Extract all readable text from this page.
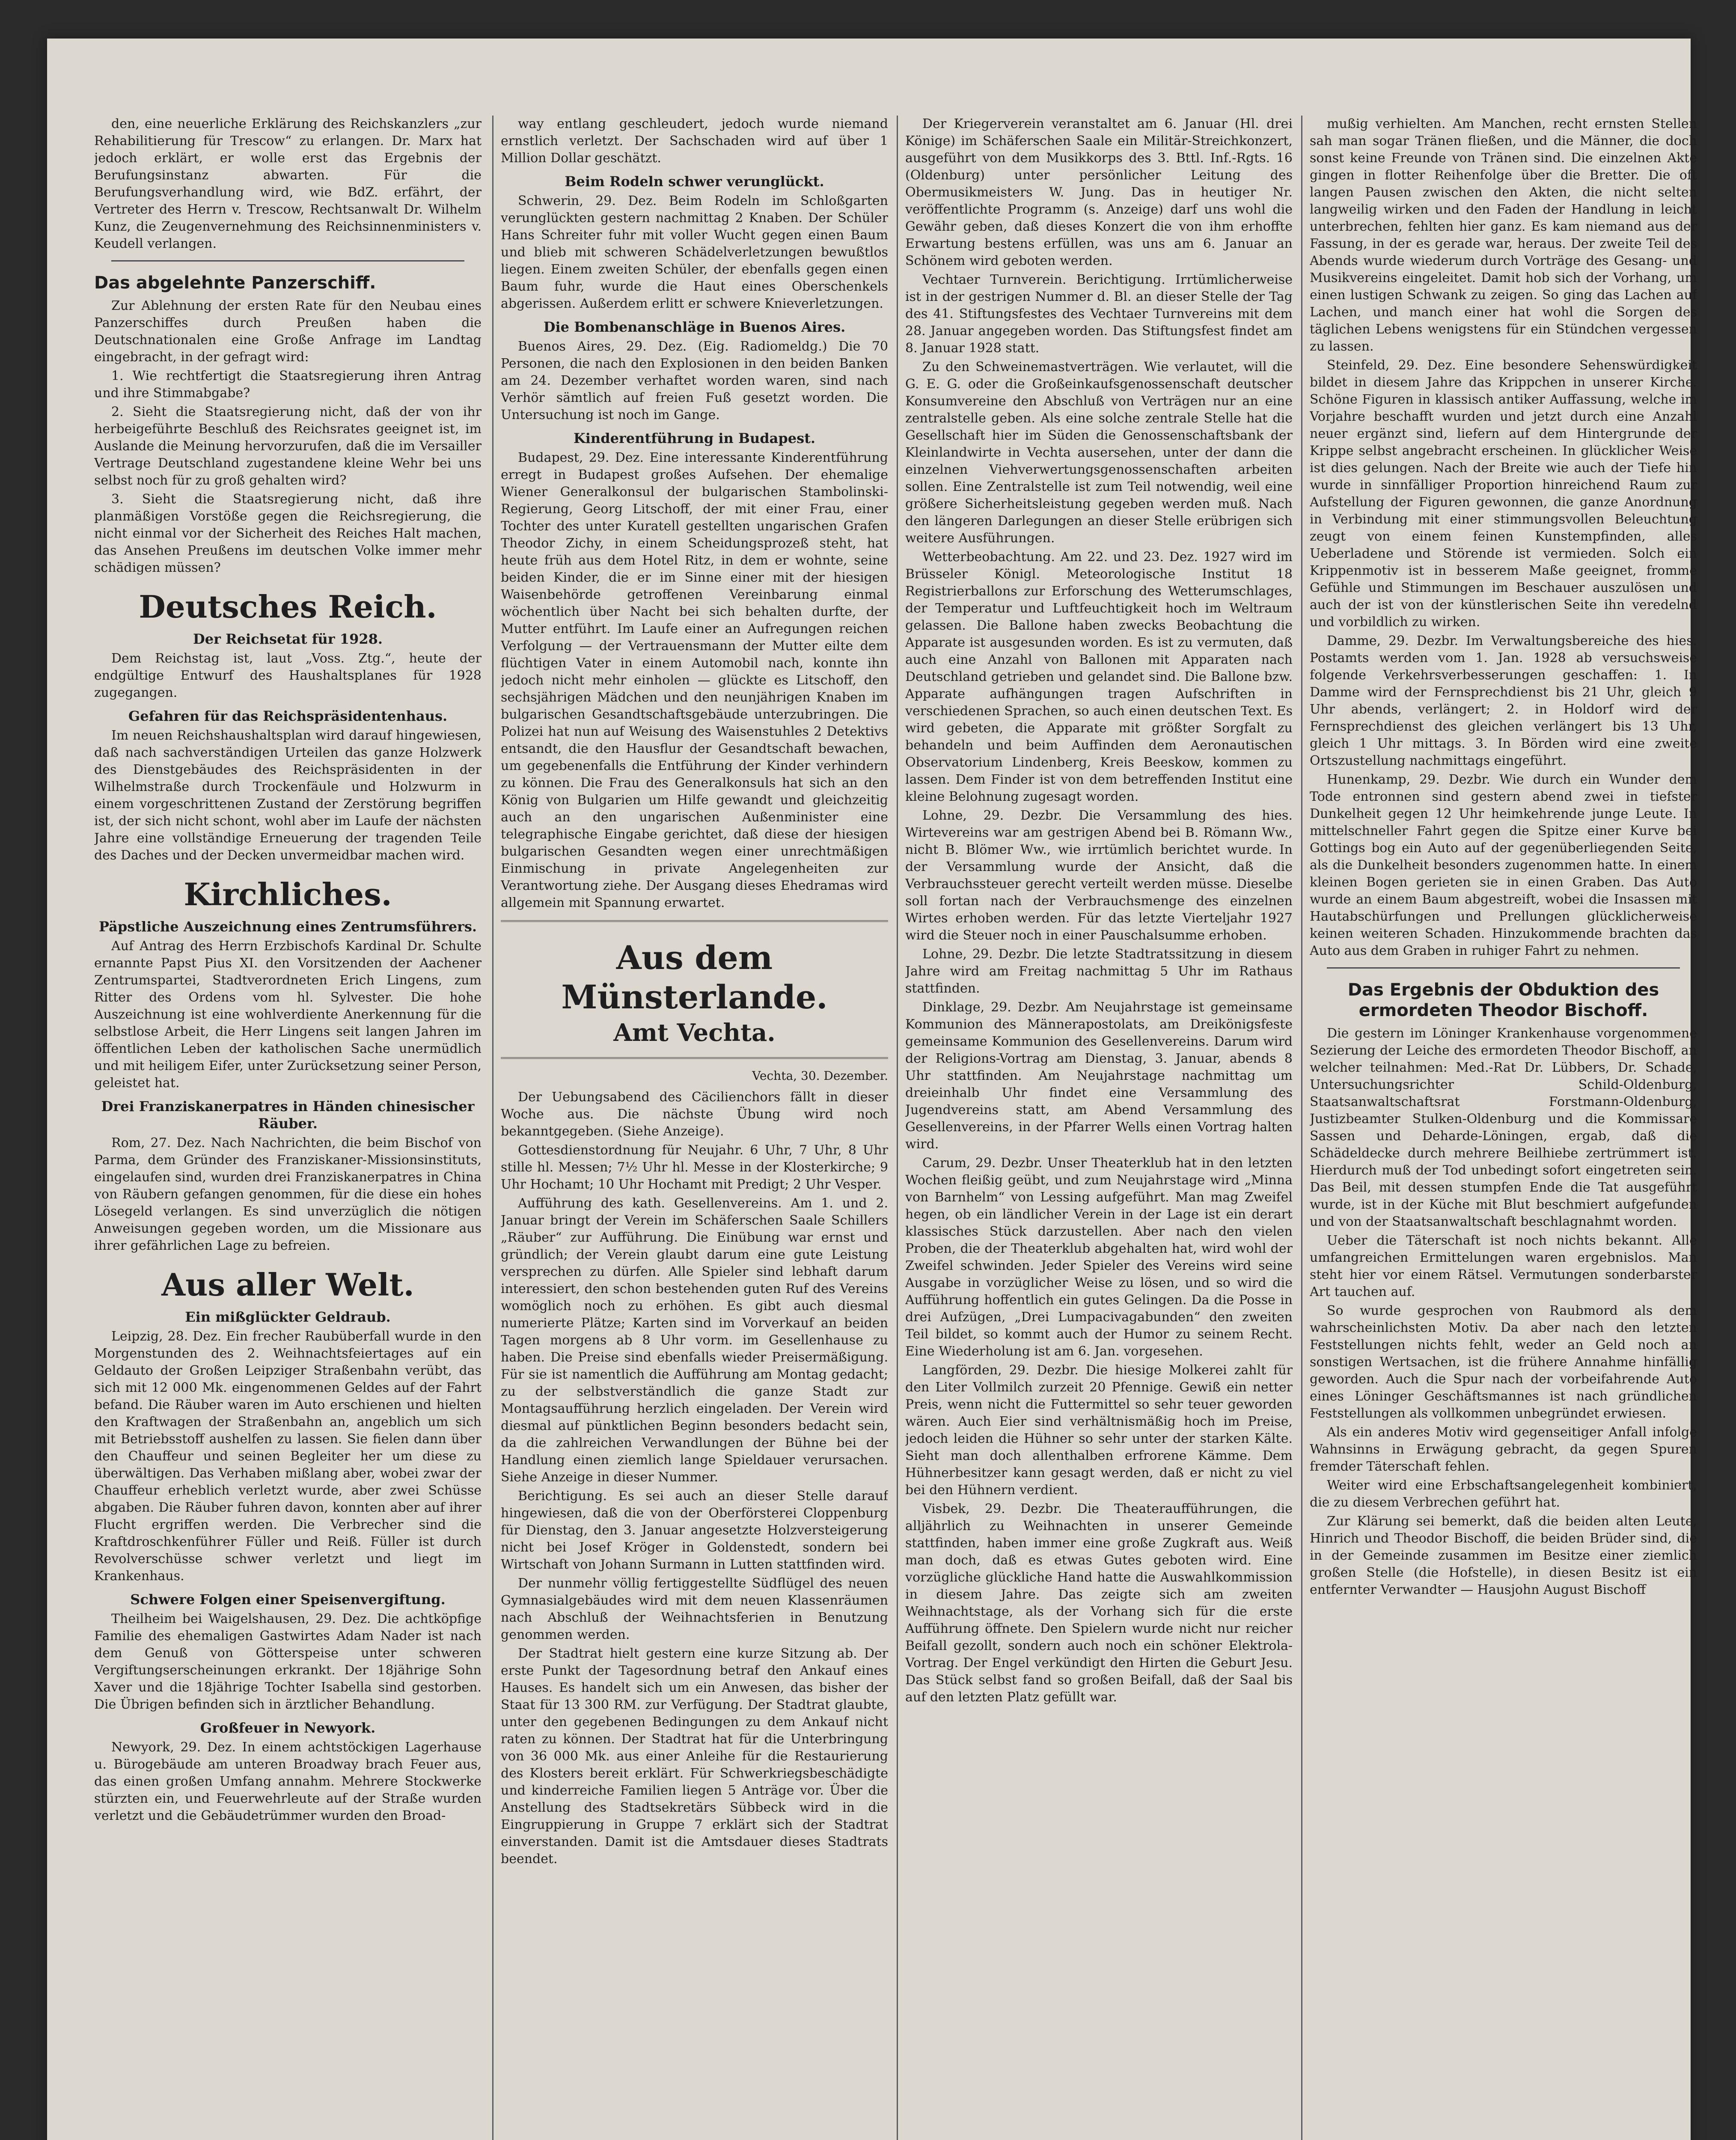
den, eine neuerliche Erklärung des Reichskanzlers „zur Rehabilitierung für Trescow“ zu erlangen. Dr. Marx hat jedoch erklärt, er wolle erst das Ergebnis der Berufungsinstanz abwarten. Für die Berufungsverhandlung wird, wie BdZ. erfährt, der Vertreter des Herrn v. Trescow, Rechtsanwalt Dr. Wilhelm Kunz, die Zeugenvernehmung des Reichsinnenministers v. Keudell verlangen.

Das abgelehnte Panzerschiff.

Zur Ablehnung der ersten Rate für den Neubau eines Panzerschiffes durch Preußen haben die Deutschnationalen eine Große Anfrage im Landtag eingebracht, in der gefragt wird:

1. Wie rechtfertigt die Staatsregierung ihren Antrag und ihre Stimmabgabe?

2. Sieht die Staatsregierung nicht, daß der von ihr herbeigeführte Beschluß des Reichsrates geeignet ist, im Auslande die Meinung hervorzurufen, daß die im Versailler Vertrage Deutschland zugestandene kleine Wehr bei uns selbst noch für zu groß gehalten wird?

3. Sieht die Staatsregierung nicht, daß ihre planmäßigen Vorstöße gegen die Reichsregierung, die nicht einmal vor der Sicherheit des Reiches Halt machen, das Ansehen Preußens im deutschen Volke immer mehr schädigen müssen?

Deutsches Reich.
Der Reichsetat für 1928.

Dem Reichstag ist, laut „Voss. Ztg.“, heute der endgültige Entwurf des Haushaltsplanes für 1928 zugegangen.

Gefahren für das Reichspräsidentenhaus.

Im neuen Reichshaushaltsplan wird darauf hingewiesen, daß nach sachverständigen Urteilen das ganze Holzwerk des Dienstgebäudes des Reichspräsidenten in der Wilhelmstraße durch Trockenfäule und Holzwurm in einem vorgeschrittenen Zustand der Zerstörung begriffen ist, der sich nicht schont, wohl aber im Laufe der nächsten Jahre eine vollständige Erneuerung der tragenden Teile des Daches und der Decken unvermeidbar machen wird.

Kirchliches.
Päpstliche Auszeichnung eines Zentrumsführers.

Auf Antrag des Herrn Erzbischofs Kardinal Dr. Schulte ernannte Papst Pius XI. den Vorsitzenden der Aachener Zentrumspartei, Stadtverordneten Erich Lingens, zum Ritter des Ordens vom hl. Sylvester. Die hohe Auszeichnung ist eine wohlverdiente Anerkennung für die selbstlose Arbeit, die Herr Lingens seit langen Jahren im öffentlichen Leben der katholischen Sache unermüdlich und mit heiligem Eifer, unter Zurücksetzung seiner Person, geleistet hat.

Drei Franziskanerpatres in Händen chinesischer Räuber.

Rom, 27. Dez. Nach Nachrichten, die beim Bischof von Parma, dem Gründer des Franziskaner-Missionsinstituts, eingelaufen sind, wurden drei Franziskanerpatres in China von Räubern gefangen genommen, für die diese ein hohes Lösegeld verlangen. Es sind unverzüglich die nötigen Anweisungen gegeben worden, um die Missionare aus ihrer gefährlichen Lage zu befreien.

Aus aller Welt.
Ein mißglückter Geldraub.

Leipzig, 28. Dez. Ein frecher Raubüberfall wurde in den Morgenstunden des 2. Weihnachtsfeiertages auf ein Geldauto der Großen Leipziger Straßenbahn verübt, das sich mit 12 000 Mk. eingenommenen Geldes auf der Fahrt befand. Die Räuber waren im Auto erschienen und hielten den Kraftwagen der Straßenbahn an, angeblich um sich mit Betriebsstoff aushelfen zu lassen. Sie fielen dann über den Chauffeur und seinen Begleiter her um diese zu überwältigen. Das Verhaben mißlang aber, wobei zwar der Chauffeur erheblich verletzt wurde, aber zwei Schüsse abgaben. Die Räuber fuhren davon, konnten aber auf ihrer Flucht ergriffen werden. Die Verbrecher sind die Kraftdroschkenführer Füller und Reiß. Füller ist durch Revolverschüsse schwer verletzt und liegt im Krankenhaus.

Schwere Folgen einer Speisenvergiftung.

Theilheim bei Waigelshausen, 29. Dez. Die achtköpfige Familie des ehemaligen Gastwirtes Adam Nader ist nach dem Genuß von Götterspeise unter schweren Vergiftungserscheinungen erkrankt. Der 18jährige Sohn Xaver und die 18jährige Tochter Isabella sind gestorben. Die Übrigen befinden sich in ärztlicher Behandlung.

Großfeuer in Newyork.

Newyork, 29. Dez. In einem achtstöckigen Lagerhause u. Bürogebäude am unteren Broadway brach Feuer aus, das einen großen Umfang annahm. Mehrere Stockwerke stürzten ein, und Feuerwehrleute auf der Straße wurden verletzt und die Gebäudetrümmer wurden den Broad-

way entlang geschleudert, jedoch wurde niemand ernstlich verletzt. Der Sachschaden wird auf über 1 Million Dollar geschätzt.

Beim Rodeln schwer verunglückt.

Schwerin, 29. Dez. Beim Rodeln im Schloßgarten verunglückten gestern nachmittag 2 Knaben. Der Schüler Hans Schreiter fuhr mit voller Wucht gegen einen Baum und blieb mit schweren Schädelverletzungen bewußtlos liegen. Einem zweiten Schüler, der ebenfalls gegen einen Baum fuhr, wurde die Haut eines Oberschenkels abgerissen. Außerdem erlitt er schwere Knieverletzungen.

Die Bombenanschläge in Buenos Aires.

Buenos Aires, 29. Dez. (Eig. Radiomeldg.) Die 70 Personen, die nach den Explosionen in den beiden Banken am 24. Dezember verhaftet worden waren, sind nach Verhör sämtlich auf freien Fuß gesetzt worden. Die Untersuchung ist noch im Gange.

Kinderentführung in Budapest.

Budapest, 29. Dez. Eine interessante Kinderentführung erregt in Budapest großes Aufsehen. Der ehemalige Wiener Generalkonsul der bulgarischen Stambolinski-Regierung, Georg Litschoff, der mit einer Frau, einer Tochter des unter Kuratell gestellten ungarischen Grafen Theodor Zichy, in einem Scheidungsprozeß steht, hat heute früh aus dem Hotel Ritz, in dem er wohnte, seine beiden Kinder, die er im Sinne einer mit der hiesigen Waisenbehörde getroffenen Vereinbarung einmal wöchentlich über Nacht bei sich behalten durfte, der Mutter entführt. Im Laufe einer an Aufregungen reichen Verfolgung — der Vertrauensmann der Mutter eilte dem flüchtigen Vater in einem Automobil nach, konnte ihn jedoch nicht mehr einholen — glückte es Litschoff, den sechsjährigen Mädchen und den neunjährigen Knaben im bulgarischen Gesandtschaftsgebäude unterzubringen. Die Polizei hat nun auf Weisung des Waisenstuhles 2 Detektivs entsandt, die den Hausflur der Gesandtschaft bewachen, um gegebenenfalls die Entführung der Kinder verhindern zu können. Die Frau des Generalkonsuls hat sich an den König von Bulgarien um Hilfe gewandt und gleichzeitig auch an den ungarischen Außenminister eine telegraphische Eingabe gerichtet, daß diese der hiesigen bulgarischen Gesandten wegen einer unrechtmäßigen Einmischung in private Angelegenheiten zur Verantwortung ziehe. Der Ausgang dieses Ehedramas wird allgemein mit Spannung erwartet.

Aus dem Münsterlande.
Amt Vechta.
Vechta, 30. Dezember.

Der Uebungsabend des Cäcilienchors fällt in dieser Woche aus. Die nächste Übung wird noch bekanntgegeben. (Siehe Anzeige).

Gottesdienstordnung für Neujahr. 6 Uhr, 7 Uhr, 8 Uhr stille hl. Messen; 7½ Uhr hl. Messe in der Klosterkirche; 9 Uhr Hochamt; 10 Uhr Hochamt mit Predigt; 2 Uhr Vesper.

Aufführung des kath. Gesellenvereins. Am 1. und 2. Januar bringt der Verein im Schäferschen Saale Schillers „Räuber“ zur Aufführung. Die Einübung war ernst und gründlich; der Verein glaubt darum eine gute Leistung versprechen zu dürfen. Alle Spieler sind lebhaft darum interessiert, den schon bestehenden guten Ruf des Vereins womöglich noch zu erhöhen. Es gibt auch diesmal numerierte Plätze; Karten sind im Vorverkauf an beiden Tagen morgens ab 8 Uhr vorm. im Gesellenhause zu haben. Die Preise sind ebenfalls wieder Preisermäßigung. Für sie ist namentlich die Aufführung am Montag gedacht; zu der selbstverständlich die ganze Stadt zur Montagsaufführung herzlich eingeladen. Der Verein wird diesmal auf pünktlichen Beginn besonders bedacht sein, da die zahlreichen Verwandlungen der Bühne bei der Handlung einen ziemlich lange Spieldauer verursachen. Siehe Anzeige in dieser Nummer.

Berichtigung. Es sei auch an dieser Stelle darauf hingewiesen, daß die von der Oberförsterei Cloppenburg für Dienstag, den 3. Januar angesetzte Holzversteigerung nicht bei Josef Kröger in Goldenstedt, sondern bei Wirtschaft von Johann Surmann in Lutten stattfinden wird.

Der nunmehr völlig fertiggestellte Südflügel des neuen Gymnasialgebäudes wird mit dem neuen Klassenräumen nach Abschluß der Weihnachtsferien in Benutzung genommen werden.

Der Stadtrat hielt gestern eine kurze Sitzung ab. Der erste Punkt der Tagesordnung betraf den Ankauf eines Hauses. Es handelt sich um ein Anwesen, das bisher der Staat für 13 300 RM. zur Verfügung. Der Stadtrat glaubte, unter den gegebenen Bedingungen zu dem Ankauf nicht raten zu können. Der Stadtrat hat für die Unterbringung von 36 000 Mk. aus einer Anleihe für die Restaurierung des Klosters bereit erklärt. Für Schwerkriegsbeschädigte und kinderreiche Familien liegen 5 Anträge vor. Über die Anstellung des Stadtsekretärs Sübbeck wird in die Eingruppierung in Gruppe 7 erklärt sich der Stadtrat einverstanden. Damit ist die Amtsdauer dieses Stadtrats beendet.

Der Kriegerverein veranstaltet am 6. Januar (Hl. drei Könige) im Schäferschen Saale ein Militär-Streichkonzert, ausgeführt von dem Musikkorps des 3. Bttl. Inf.-Rgts. 16 (Oldenburg) unter persönlicher Leitung des Obermusikmeisters W. Jung. Das in heutiger Nr. veröffentlichte Programm (s. Anzeige) darf uns wohl die Gewähr geben, daß dieses Konzert die von ihm erhoffte Erwartung bestens erfüllen, was uns am 6. Januar an Schönem wird geboten werden.

Vechtaer Turnverein. Berichtigung. Irrtümlicherweise ist in der gestrigen Nummer d. Bl. an dieser Stelle der Tag des 41. Stiftungsfestes des Vechtaer Turnvereins mit dem 28. Januar angegeben worden. Das Stiftungsfest findet am 8. Januar 1928 statt.

Zu den Schweinemastverträgen. Wie verlautet, will die G. E. G. oder die Großeinkaufsgenossenschaft deutscher Konsumvereine den Abschluß von Verträgen nur an eine zentralstelle geben. Als eine solche zentrale Stelle hat die Gesellschaft hier im Süden die Genossenschaftsbank der Kleinlandwirte in Vechta ausersehen, unter der dann die einzelnen Viehverwertungsgenossenschaften arbeiten sollen. Eine Zentralstelle ist zum Teil notwendig, weil eine größere Sicherheitsleistung gegeben werden muß. Nach den längeren Darlegungen an dieser Stelle erübrigen sich weitere Ausführungen.

Wetterbeobachtung. Am 22. und 23. Dez. 1927 wird im Brüsseler Königl. Meteorologische Institut 18 Registrierballons zur Erforschung des Wetterumschlages, der Temperatur und Luftfeuchtigkeit hoch im Weltraum gelassen. Die Ballone haben zwecks Beobachtung die Apparate ist ausgesunden worden. Es ist zu vermuten, daß auch eine Anzahl von Ballonen mit Apparaten nach Deutschland getrieben und gelandet sind. Die Ballone bzw. Apparate aufhängungen tragen Aufschriften in verschiedenen Sprachen, so auch einen deutschen Text. Es wird gebeten, die Apparate mit größter Sorgfalt zu behandeln und beim Auffinden dem Aeronautischen Observatorium Lindenberg, Kreis Beeskow, kommen zu lassen. Dem Finder ist von dem betreffenden Institut eine kleine Belohnung zugesagt worden.

Lohne, 29. Dezbr. Die Versammlung des hies. Wirtevereins war am gestrigen Abend bei B. Römann Ww., nicht B. Blömer Ww., wie irrtümlich berichtet wurde. In der Versammlung wurde der Ansicht, daß die Verbrauchssteuer gerecht verteilt werden müsse. Dieselbe soll fortan nach der Verbrauchsmenge des einzelnen Wirtes erhoben werden. Für das letzte Vierteljahr 1927 wird die Steuer noch in einer Pauschalsumme erhoben.

Lohne, 29. Dezbr. Die letzte Stadtratssitzung in diesem Jahre wird am Freitag nachmittag 5 Uhr im Rathaus stattfinden.

Dinklage, 29. Dezbr. Am Neujahrstage ist gemeinsame Kommunion des Männerapostolats, am Dreikönigsfeste gemeinsame Kommunion des Gesellenvereins. Darum wird der Religions-Vortrag am Dienstag, 3. Januar, abends 8 Uhr stattfinden. Am Neujahrstage nachmittag um dreieinhalb Uhr findet eine Versammlung des Jugendvereins statt, am Abend Versammlung des Gesellenvereins, in der Pfarrer Wells einen Vortrag halten wird.

Carum, 29. Dezbr. Unser Theaterklub hat in den letzten Wochen fleißig geübt, und zum Neujahrstage wird „Minna von Barnhelm“ von Lessing aufgeführt. Man mag Zweifel hegen, ob ein ländlicher Verein in der Lage ist ein derart klassisches Stück darzustellen. Aber nach den vielen Proben, die der Theaterklub abgehalten hat, wird wohl der Zweifel schwinden. Jeder Spieler des Vereins wird seine Ausgabe in vorzüglicher Weise zu lösen, und so wird die Aufführung hoffentlich ein gutes Gelingen. Da die Posse in drei Aufzügen, „Drei Lumpacivagabunden“ den zweiten Teil bildet, so kommt auch der Humor zu seinem Recht. Eine Wiederholung ist am 6. Jan. vorgesehen.

Langförden, 29. Dezbr. Die hiesige Molkerei zahlt für den Liter Vollmilch zurzeit 20 Pfennige. Gewiß ein netter Preis, wenn nicht die Futtermittel so sehr teuer geworden wären. Auch Eier sind verhältnismäßig hoch im Preise, jedoch leiden die Hühner so sehr unter der starken Kälte. Sieht man doch allenthalben erfrorene Kämme. Dem Hühnerbesitzer kann gesagt werden, daß er nicht zu viel bei den Hühnern verdient.

Visbek, 29. Dezbr. Die Theateraufführungen, die alljährlich zu Weihnachten in unserer Gemeinde stattfinden, haben immer eine große Zugkraft aus. Weiß man doch, daß es etwas Gutes geboten wird. Eine vorzügliche glückliche Hand hatte die Auswahlkommission in diesem Jahre. Das zeigte sich am zweiten Weihnachtstage, als der Vorhang sich für die erste Aufführung öffnete. Den Spielern wurde nicht nur reicher Beifall gezollt, sondern auch noch ein schöner Elektrola-Vortrag. Der Engel verkündigt den Hirten die Geburt Jesu. Das Stück selbst fand so großen Beifall, daß der Saal bis auf den letzten Platz gefüllt war.

mußig verhielten. Am Manchen, recht ernsten Stellen sah man sogar Tränen fließen, und die Männer, die doch sonst keine Freunde von Tränen sind. Die einzelnen Akte gingen in flotter Reihenfolge über die Bretter. Die oft langen Pausen zwischen den Akten, die nicht selten langweilig wirken und den Faden der Handlung in leicht unterbrechen, fehlten hier ganz. Es kam niemand aus der Fassung, in der es gerade war, heraus. Der zweite Teil des Abends wurde wiederum durch Vorträge des Gesang- und Musikvereins eingeleitet. Damit hob sich der Vorhang, um einen lustigen Schwank zu zeigen. So ging das Lachen auf Lachen, und manch einer hat wohl die Sorgen des täglichen Lebens wenigstens für ein Stündchen vergessen zu lassen.

Steinfeld, 29. Dez. Eine besondere Sehenswürdigkeit bildet in diesem Jahre das Krippchen in unserer Kirche. Schöne Figuren in klassisch antiker Auffassung, welche im Vorjahre beschafft wurden und jetzt durch eine Anzahl neuer ergänzt sind, liefern auf dem Hintergrunde der Krippe selbst angebracht erscheinen. In glücklicher Weise ist dies gelungen. Nach der Breite wie auch der Tiefe hin wurde in sinnfälliger Proportion hinreichend Raum zur Aufstellung der Figuren gewonnen, die ganze Anordnung in Verbindung mit einer stimmungsvollen Beleuchtung zeugt von einem feinen Kunstempfinden, alles Ueberladene und Störende ist vermieden. Solch ein Krippenmotiv ist in besserem Maße geeignet, fromme Gefühle und Stimmungen im Beschauer auszulösen und auch der ist von der künstlerischen Seite ihn veredelnd und vorbildlich zu wirken.

Damme, 29. Dezbr. Im Verwaltungsbereiche des hies. Postamts werden vom 1. Jan. 1928 ab versuchsweise folgende Verkehrsverbesserungen geschaffen: 1. In Damme wird der Fernsprechdienst bis 21 Uhr, gleich 9 Uhr abends, verlängert; 2. in Holdorf wird der Fernsprechdienst des gleichen verlängert bis 13 Uhr, gleich 1 Uhr mittags. 3. In Börden wird eine zweite Ortszustellung nachmittags eingeführt.

Hunenkamp, 29. Dezbr. Wie durch ein Wunder dem Tode entronnen sind gestern abend zwei in tiefster Dunkelheit gegen 12 Uhr heimkehrende junge Leute. In mittelschneller Fahrt gegen die Spitze einer Kurve bei Gottings bog ein Auto auf der gegenüberliegenden Seite, als die Dunkelheit besonders zugenommen hatte. In einem kleinen Bogen gerieten sie in einen Graben. Das Auto wurde an einem Baum abgestreift, wobei die Insassen mit Hautabschürfungen und Prellungen glücklicherweise keinen weiteren Schaden. Hinzukommende brachten das Auto aus dem Graben in ruhiger Fahrt zu nehmen.

Das Ergebnis der Obduktion des ermordeten Theodor Bischoff.

Die gestern im Löninger Krankenhause vorgenommene Sezierung der Leiche des ermordeten Theodor Bischoff, an welcher teilnahmen: Med.-Rat Dr. Lübbers, Dr. Schade, Untersuchungsrichter Schild-Oldenburg, Staatsanwaltschaftsrat Forstmann-Oldenburg, Justizbeamter Stulken-Oldenburg und die Kommissare Sassen und Deharde-Löningen, ergab, daß die Schädeldecke durch mehrere Beilhiebe zertrümmert ist. Hierdurch muß der Tod unbedingt sofort eingetreten sein. Das Beil, mit dessen stumpfen Ende die Tat ausgeführt wurde, ist in der Küche mit Blut beschmiert aufgefunden und von der Staatsanwaltschaft beschlagnahmt worden.

Ueber die Täterschaft ist noch nichts bekannt. Alle umfangreichen Ermittelungen waren ergebnislos. Man steht hier vor einem Rätsel. Vermutungen sonderbarster Art tauchen auf.

So wurde gesprochen von Raubmord als dem wahrscheinlichsten Motiv. Da aber nach den letzten Feststellungen nichts fehlt, weder an Geld noch an sonstigen Wertsachen, ist die frühere Annahme hinfällig geworden. Auch die Spur nach der vorbeifahrende Auto eines Löninger Geschäftsmannes ist nach gründlichen Feststellungen als vollkommen unbegründet erwiesen.

Als ein anderes Motiv wird gegenseitiger Anfall infolge Wahnsinns in Erwägung gebracht, da gegen Spuren fremder Täterschaft fehlen.

Weiter wird eine Erbschaftsangelegenheit kombiniert, die zu diesem Verbrechen geführt hat.

Zur Klärung sei bemerkt, daß die beiden alten Leute, Hinrich und Theodor Bischoff, die beiden Brüder sind, die in der Gemeinde zusammen im Besitze einer ziemlich großen Stelle (die Hofstelle), in diesen Besitz ist ein entfernter Verwandter — Hausjohn August Bischoff
